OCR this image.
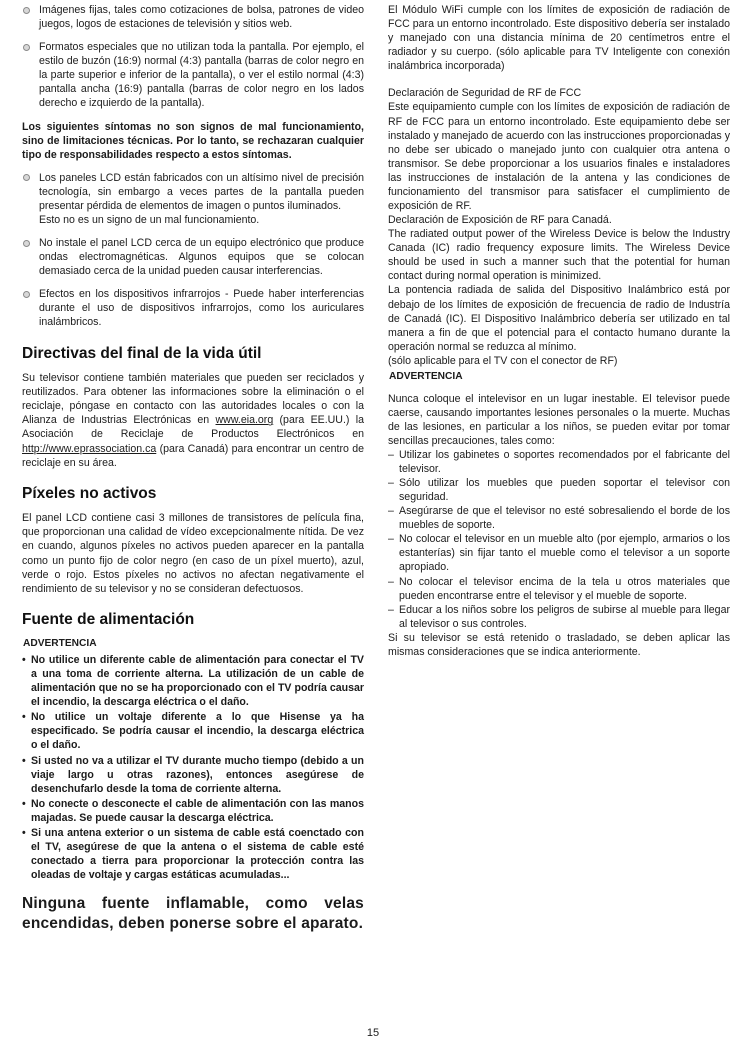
Imágenes fijas, tales como cotizaciones de bolsa, patrones de video juegos, logos de estaciones de televisión y sitios web.
Formatos especiales que no utilizan toda la pantalla. Por ejemplo, el estilo de buzón (16:9) normal (4:3) pantalla (barras de color negro en la parte superior e inferior de la pantalla), o ver el estilo normal (4:3) pantalla ancha (16:9) pantalla (barras de color negro en los lados derecho e izquierdo de la pantalla).

Los siguientes síntomas no son signos de mal funcionamiento, sino de limitaciones técnicas. Por lo tanto, se rechazaran cualquier tipo de responsabilidades respecto a estos síntomas.

Los paneles LCD están fabricados con un altísimo nivel de precisión tecnología, sin embargo a veces partes de la pantalla pueden presentar pérdida de elementos de imagen o puntos iluminados.
Esto no es un signo de un mal funcionamiento.
No instale el panel LCD cerca de un equipo electrónico que produce ondas electromagnéticas. Algunos equipos que se colocan demasiado cerca de la unidad pueden causar interferencias.
Efectos en los dispositivos infrarrojos - Puede haber interferencias durante el uso de dispositivos infrarrojos, como los auriculares inalámbricos.
Directivas del final de la vida útil

Su televisor contiene también materiales que pueden ser reciclados y reutilizados. Para obtener las informaciones sobre la eliminación o el reciclaje, póngase en contacto con las autoridades locales o con la Alianza de Industrias Electrónicas en www.eia.org (para EE.UU.) la Asociación de Reciclaje de Productos Electrónicos en http://www.eprassociation.ca (para Canadá) para encontrar un centro de reciclaje en su área.

Píxeles no activos

El panel LCD contiene casi 3 millones de transistores de película fina, que proporcionan una calidad de vídeo excepcionalmente nítida. De vez en cuando, algunos píxeles no activos pueden aparecer en la pantalla como un punto fijo de color negro (en caso de un píxel muerto), azul, verde o rojo. Estos píxeles no activos no afectan negativamente el rendimiento de su televisor y no se consideran defectuosos.

Fuente de alimentación
ADVERTENCIA
• No utilice un diferente cable de alimentación para conectar el TV a una toma de corriente alterna. La utilización de un cable de alimentación que no se ha proporcionado con el TV podría causar el incendio, la descarga eléctrica o el daño.
• No utilice un voltaje diferente a lo que Hisense ya ha especificado. Se podría causar el incendio, la descarga eléctrica o el daño.
• Si usted no va a utilizar el TV durante mucho tiempo (debido a un viaje largo u otras razones), entonces asegúrese de desenchufarlo desde la toma de corriente alterna.
• No conecte o desconecte el cable de alimentación con las manos majadas. Se puede causar la descarga eléctrica.
• Si una antena exterior o un sistema de cable está coenctado con el TV, asegúrese de que la antena o el sistema de cable esté conectado a tierra para proporcionar la protección contra las oleadas de voltaje y cargas estáticas acumuladas...
Ninguna fuente inflamable, como velas encendidas, deben ponerse sobre el aparato.

El Módulo WiFi cumple con los límites de exposición de radiación de FCC para un entorno incontrolado. Este dispositivo debería ser instalado y manejado con una distancia mínima de 20 centímetros entre el radiador y su cuerpo. (sólo aplicable para TV Inteligente con conexión inalámbrica incorporada)

Declaración de Seguridad de RF de FCC

Este equipamiento cumple con los límites de exposición de radiación de RF de FCC para un entorno incontrolado. Este equipamiento debe ser instalado y manejado de acuerdo con las instrucciones proporcionadas y no debe ser ubicado o manejado junto con cualquier otra antena o transmisor. Se debe proporcionar a los usuarios finales e instaladores las instrucciones de instalación de la antena y las condiciones de funcionamiento del transmisor para satisfacer el cumplimiento de exposición de RF.

Declaración de Exposición de RF para Canadá.

The radiated output power of the Wireless Device is below the Industry Canada (IC) radio frequency exposure limits. The Wireless Device should be used in such a manner such that the potential for human contact during normal operation is minimized.

La pontencia radiada de salida del Dispositivo Inalámbrico está por debajo de los límites de exposición de frecuencia de radio de Industría de Canadá (IC). El Dispositivo Inalámbrico debería ser utilizado en tal manera a fin de que el potencial para el contacto humano durante la operación normal se reduzca al mínimo.

(sólo aplicable para el TV con el conector de RF)

ADVERTENCIA

Nunca coloque el intelevisor en un lugar inestable. El televisor puede caerse, causando importantes lesiones personales o la muerte. Muchas de las lesiones, en particular a los niños, se pueden evitar por tomar sencillas precauciones, tales como:

– Utilizar los gabinetes o soportes recomendados por el fabricante del televisor.
– Sólo utilizar los muebles que pueden soportar el televisor con seguridad.
– Asegúrarse de que el televisor no esté sobresaliendo el borde de los muebles de soporte.
– No colocar el televisor en un mueble alto (por ejemplo, armarios o los estanterías) sin fijar tanto el mueble como el televisor a un soporte apropiado.
– No colocar el televisor encima de la tela u otros materiales que pueden encontrarse entre el televisor y el mueble de soporte.
– Educar a los niños sobre los peligros de subirse al mueble para llegar al televisor o sus controles.

Si su televisor se está retenido o trasladado, se deben aplicar las mismas consideraciones que se indica anteriormente.

15
